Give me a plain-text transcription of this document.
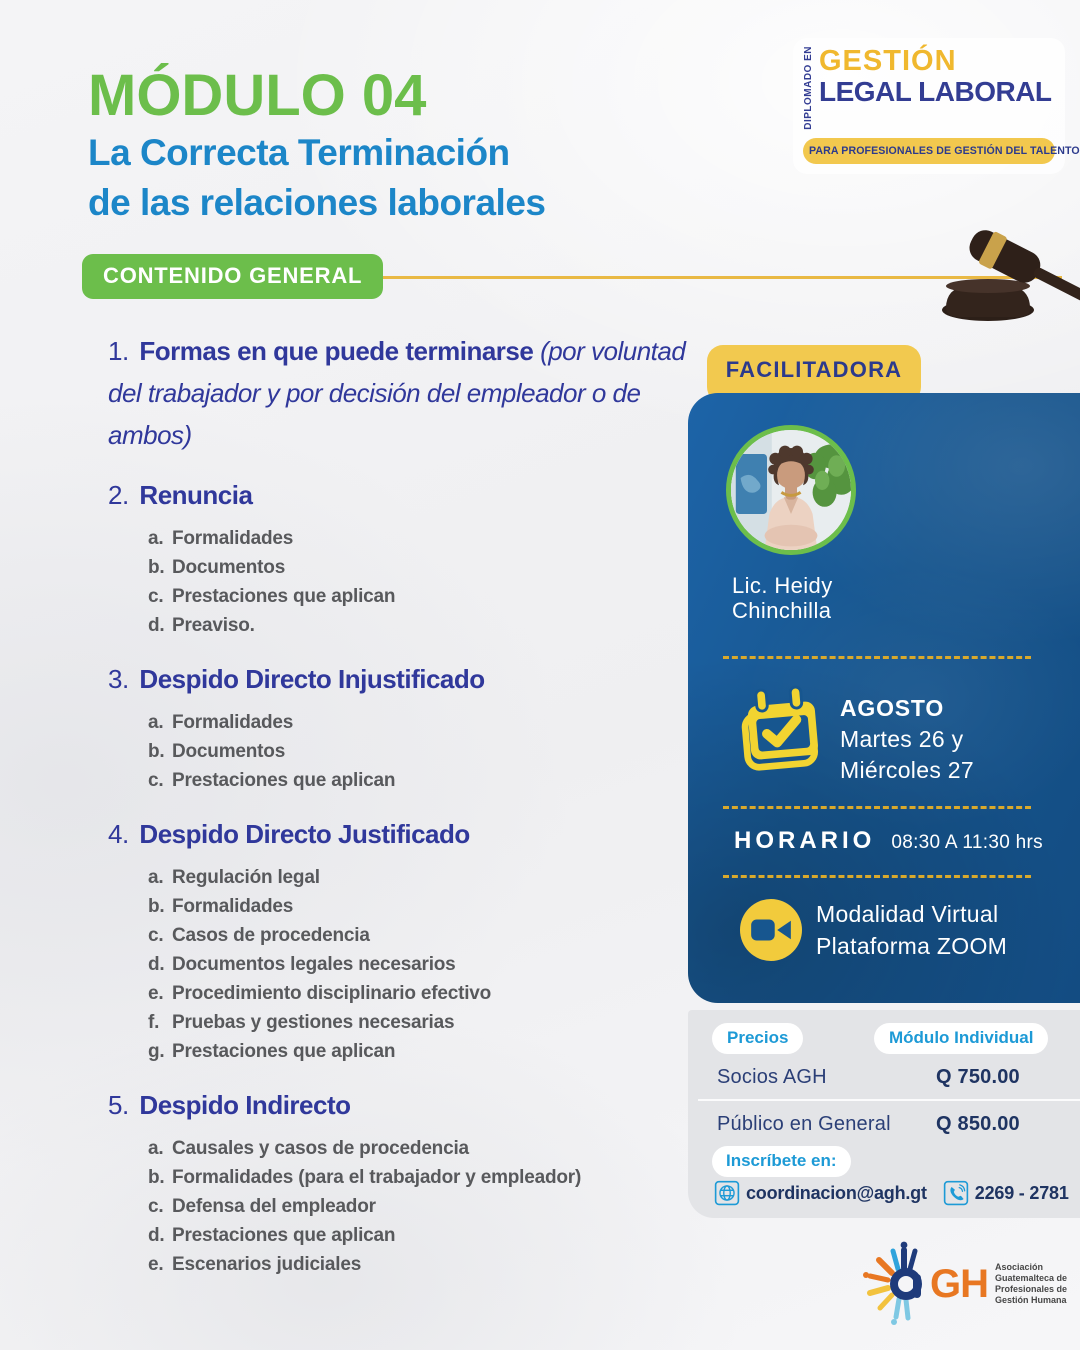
MÓDULO 04
La Correcta Terminación
de las relaciones laborales
DIPLOMADO EN GESTIÓN
LEGAL LABORAL
PARA PROFESIONALES DE GESTIÓN DEL TALENTO
CONTENIDO GENERAL

1. Formas en que puede terminarse (por voluntad del trabajador y por decisión del empleador o de ambos)

2. Renuncia

a. Formalidades
b. Documentos
c. Prestaciones que aplican
d. Preaviso.

3. Despido Directo Injustificado

a. Formalidades
b. Documentos
c. Prestaciones que aplican

4. Despido Directo Justificado

a. Regulación legal
b. Formalidades
c. Casos de procedencia
d. Documentos legales necesarios
e. Procedimiento disciplinario efectivo
f. Pruebas y gestiones necesarias
g. Prestaciones que aplican

5. Despido Indirecto

a. Causales y casos de procedencia
b. Formalidades (para el trabajador y empleador)
c. Defensa del empleador
d. Prestaciones que aplican
e. Escenarios judiciales
FACILITADORA
Lic. Heidy
Chinchilla
AGOSTO
Martes 26 y
Miércoles 27
HORARIO 08:30 A 11:30 hrs
Modalidad Virtual
Plataforma ZOOM
Precios	Módulo Individual
Socios AGH	Q 750.00
Público en General Q 850.00
Inscríbete en:
coordinacion@agh.gt	2269 - 2781
GH Asociación
Guatemalteca de
Profesionales de
Gestión Humana
